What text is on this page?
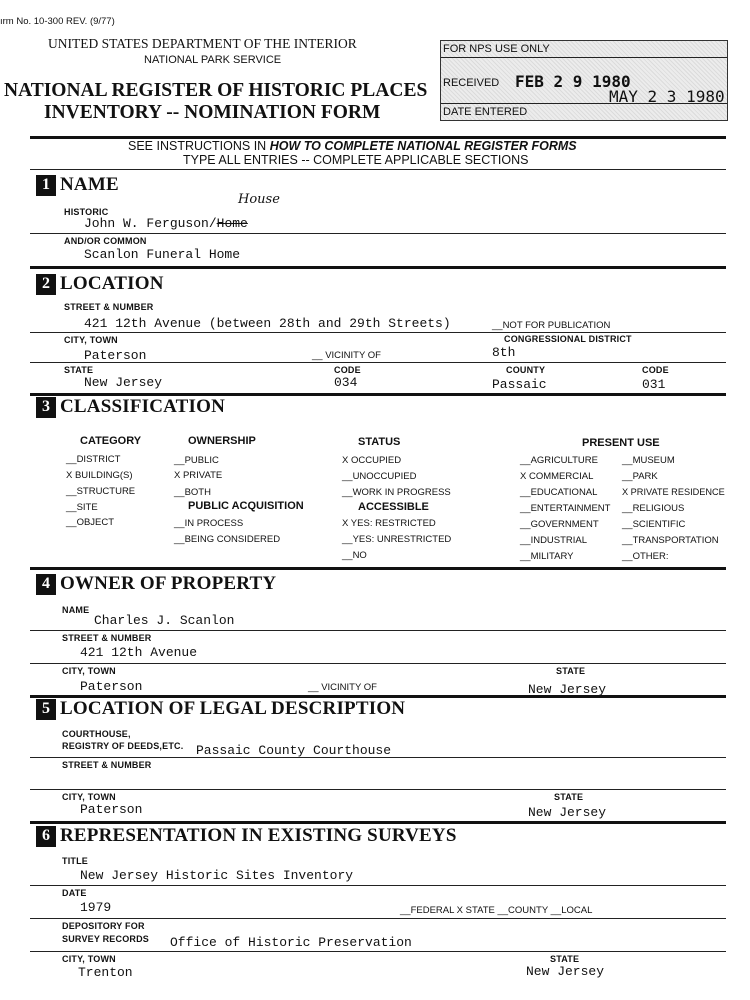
ırm No. 10-300 REV. (9/77)
UNITED STATES DEPARTMENT OF THE INTERIOR
NATIONAL PARK SERVICE
NATIONAL REGISTER OF HISTORIC PLACES
INVENTORY -- NOMINATION FORM
FOR NPS USE ONLY
RECEIVED FEB 2 9 1980
MAY 2 3 1980
DATE ENTERED
SEE INSTRUCTIONS IN HOW TO COMPLETE NATIONAL REGISTER FORMS
TYPE ALL ENTRIES -- COMPLETE APPLICABLE SECTIONS
1 NAME
HISTORIC
John W. Ferguson/Home
House
AND/OR COMMON
Scanlon Funeral Home
2 LOCATION
STREET & NUMBER
421 12th Avenue (between 28th and 29th Streets)	__NOT FOR PUBLICATION
CITY, TOWN	CONGRESSIONAL DISTRICT
Paterson	__ VICINITY OF	8th
STATE	CODE	COUNTY	CODE
New Jersey	034	Passaic	031
3 CLASSIFICATION
CATEGORY
__DISTRICT
X BUILDING(S)
__STRUCTURE
__SITE
__OBJECT
OWNERSHIP
__PUBLIC
X PRIVATE
__BOTH
PUBLIC ACQUISITION
__IN PROCESS
__BEING CONSIDERED
STATUS
X OCCUPIED
__UNOCCUPIED
__WORK IN PROGRESS
ACCESSIBLE
X YES: RESTRICTED
__YES: UNRESTRICTED
__NO
PRESENT USE
__AGRICULTURE
X COMMERCIAL
__EDUCATIONAL
__ENTERTAINMENT
__GOVERNMENT
__INDUSTRIAL
__MILITARY
__MUSEUM
__PARK
X PRIVATE RESIDENCE
__RELIGIOUS
__SCIENTIFIC
__TRANSPORTATION
__OTHER:
4 OWNER OF PROPERTY
NAME
Charles J. Scanlon
STREET & NUMBER
421 12th Avenue
CITY, TOWN	STATE
Paterson	__ VICINITY OF	New Jersey
5 LOCATION OF LEGAL DESCRIPTION
COURTHOUSE,
REGISTRY OF DEEDS,ETC. Passaic County Courthouse
STREET & NUMBER
CITY, TOWN	STATE
Paterson	New Jersey
6 REPRESENTATION IN EXISTING SURVEYS
TITLE
New Jersey Historic Sites Inventory
DATE
1979	__FEDERAL X STATE __COUNTY __LOCAL
DEPOSITORY FOR
SURVEY RECORDS Office of Historic Preservation
CITY, TOWN	STATE
Trenton	New Jersey
